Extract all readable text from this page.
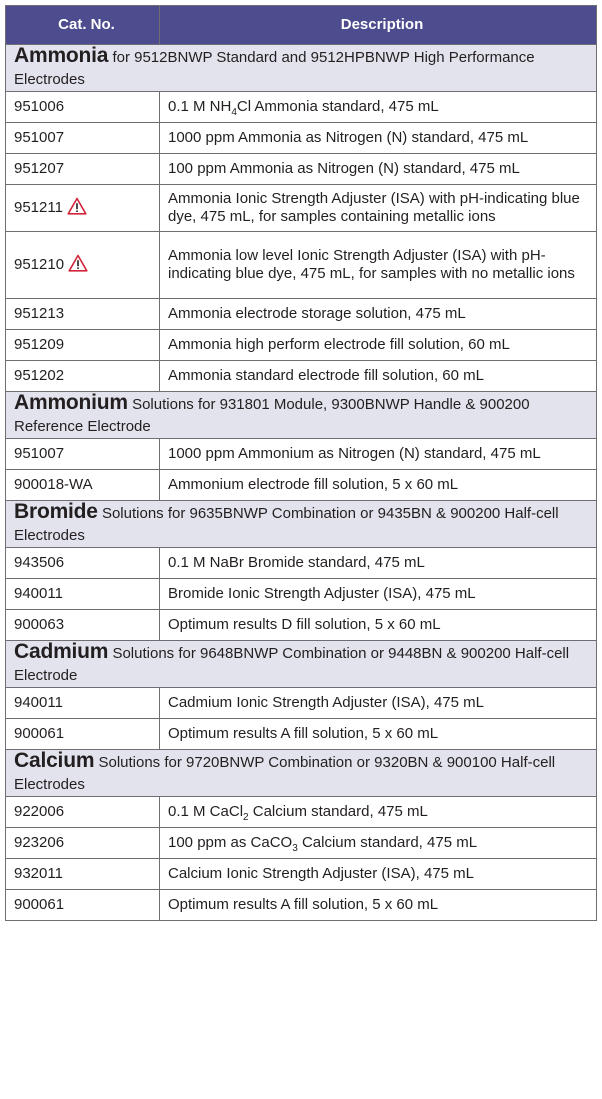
Cat. No.	Description
Ammonia for 9512BNWP Standard and 9512HPBNWP High Performance Electrodes	
951006	0.1 M $NH_4Cl$ Ammonia standard, 475 mL
951007	1000 ppm Ammonia as Nitrogen (N) standard, 475 mL
951207	100 ppm Ammonia as Nitrogen (N) standard, 475 mL
951211	Ammonia Ionic Strength Adjuster (ISA) with pH-indicating blue dye, 475 mL, for samples containing metallic ions
951210	Ammonia low level Ionic Strength Adjuster (ISA) with pH-indicating blue dye, 475 mL, for samples with no metallic ions
951213	Ammonia electrode storage solution, 475 mL
951209	Ammonia high perform electrode fill solution, 60 mL
951202	Ammonia standard electrode fill solution, 60 mL
Ammonium Solutions for 931801 Module, 9300BNWP Handle & 900200 Reference Electrode	
951007	1000 ppm Ammonium as Nitrogen (N) standard, 475 mL
900018-WA	Ammonium electrode fill solution, 5 x 60 mL
Bromide Solutions for 9635BNWP Combination or 9435BN & 900200 Half-cell Electrodes	
943506	0.1 M NaBr Bromide standard, 475 mL
940011	Bromide Ionic Strength Adjuster (ISA), 475 mL
900063	Optimum results D fill solution, 5 x 60 mL
Cadmium Solutions for 9648BNWP Combination or 9448BN & 900200 Half-cell Electrode	
940011	Cadmium Ionic Strength Adjuster (ISA), 475 mL
900061	Optimum results A fill solution, 5 x 60 mL
Calcium Solutions for 9720BNWP Combination or 9320BN & 900100 Half-cell Electrodes	
922006	0.1 M CaCl$_2$ Calcium standard, 475 mL
923206	100 ppm as CaCO$_3$ Calcium standard, 475 mL
932011	Calcium Ionic Strength Adjuster (ISA), 475 mL
900061	Optimum results A fill solution, 5 x 60 mL
